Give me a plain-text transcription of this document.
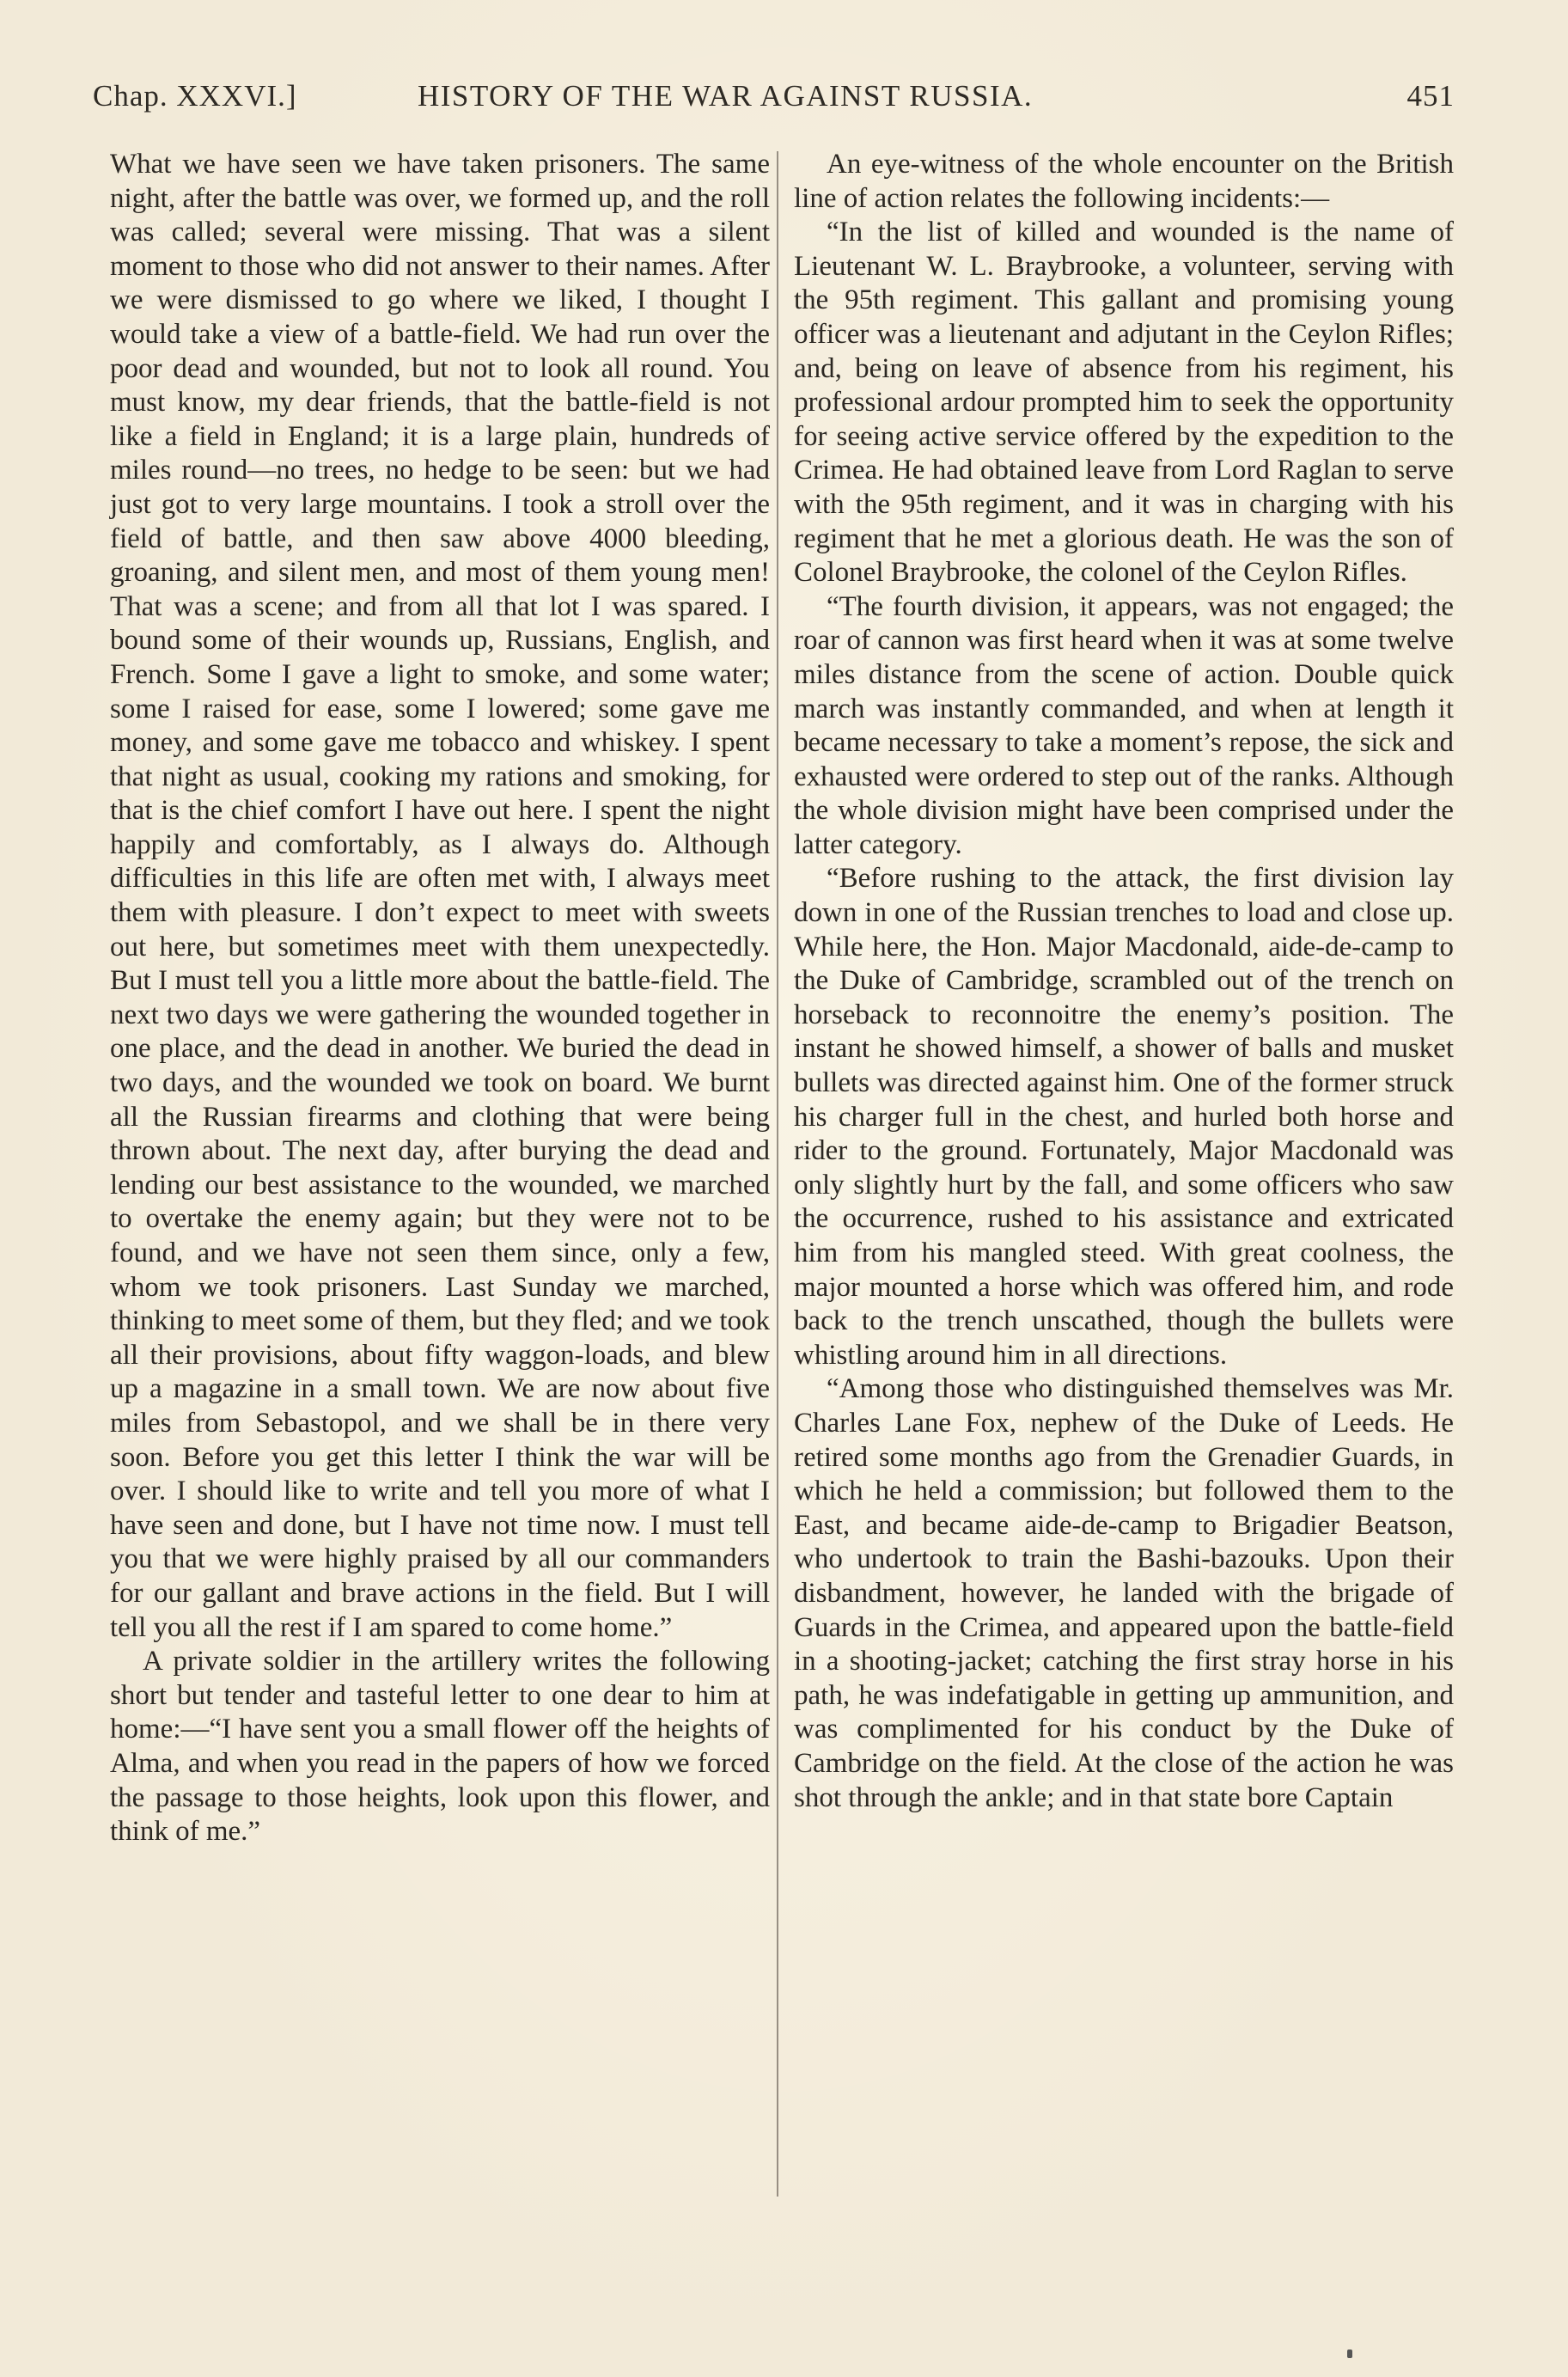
Chap. XXXVI.]	HISTORY OF THE WAR AGAINST RUSSIA.	451

What we have seen we have taken prisoners. The same night, after the battle was over, we formed up, and the roll was called; several were missing. That was a silent moment to those who did not answer to their names. After we were dismissed to go where we liked, I thought I would take a view of a battle-field. We had run over the poor dead and wounded, but not to look all round. You must know, my dear friends, that the battle-field is not like a field in England; it is a large plain, hundreds of miles round—no trees, no hedge to be seen: but we had just got to very large mountains. I took a stroll over the field of battle, and then saw above 4000 bleeding, groaning, and silent men, and most of them young men! That was a scene; and from all that lot I was spared. I bound some of their wounds up, Russians, English, and French. Some I gave a light to smoke, and some water; some I raised for ease, some I lowered; some gave me money, and some gave me tobacco and whiskey. I spent that night as usual, cooking my rations and smoking, for that is the chief comfort I have out here. I spent the night happily and comfortably, as I always do. Although difficulties in this life are often met with, I always meet them with pleasure. I don’t expect to meet with sweets out here, but sometimes meet with them unexpectedly. But I must tell you a little more about the battle-field. The next two days we were gathering the wounded together in one place, and the dead in another. We buried the dead in two days, and the wounded we took on board. We burnt all the Russian firearms and clothing that were being thrown about. The next day, after burying the dead and lending our best assistance to the wounded, we marched to overtake the enemy again; but they were not to be found, and we have not seen them since, only a few, whom we took prisoners. Last Sunday we marched, thinking to meet some of them, but they fled; and we took all their provisions, about fifty waggon-loads, and blew up a magazine in a small town. We are now about five miles from Sebastopol, and we shall be in there very soon. Before you get this letter I think the war will be over. I should like to write and tell you more of what I have seen and done, but I have not time now. I must tell you that we were highly praised by all our commanders for our gallant and brave actions in the field. But I will tell you all the rest if I am spared to come home.”

A private soldier in the artillery writes the following short but tender and tasteful letter to one dear to him at home:—“I have sent you a small flower off the heights of Alma, and when you read in the papers of how we forced the passage to those heights, look upon this flower, and think of me.”

An eye-witness of the whole encounter on the British line of action relates the following incidents:—

“In the list of killed and wounded is the name of Lieutenant W. L. Braybrooke, a volunteer, serving with the 95th regiment. This gallant and promising young officer was a lieutenant and adjutant in the Ceylon Rifles; and, being on leave of absence from his regiment, his professional ardour prompted him to seek the opportunity for seeing active service offered by the expedition to the Crimea. He had obtained leave from Lord Raglan to serve with the 95th regiment, and it was in charging with his regiment that he met a glorious death. He was the son of Colonel Braybrooke, the colonel of the Ceylon Rifles.

“The fourth division, it appears, was not engaged; the roar of cannon was first heard when it was at some twelve miles distance from the scene of action. Double quick march was instantly commanded, and when at length it became necessary to take a moment’s repose, the sick and exhausted were ordered to step out of the ranks. Although the whole division might have been comprised under the latter category.

“Before rushing to the attack, the first division lay down in one of the Russian trenches to load and close up. While here, the Hon. Major Macdonald, aide-de-camp to the Duke of Cambridge, scrambled out of the trench on horseback to reconnoitre the enemy’s position. The instant he showed himself, a shower of balls and musket bullets was directed against him. One of the former struck his charger full in the chest, and hurled both horse and rider to the ground. Fortunately, Major Macdonald was only slightly hurt by the fall, and some officers who saw the occurrence, rushed to his assistance and extricated him from his mangled steed. With great coolness, the major mounted a horse which was offered him, and rode back to the trench unscathed, though the bullets were whistling around him in all directions.

“Among those who distinguished themselves was Mr. Charles Lane Fox, nephew of the Duke of Leeds. He retired some months ago from the Grenadier Guards, in which he held a commission; but followed them to the East, and became aide-de-camp to Brigadier Beatson, who undertook to train the Bashi-bazouks. Upon their disbandment, however, he landed with the brigade of Guards in the Crimea, and appeared upon the battle-field in a shooting-jacket; catching the first stray horse in his path, he was indefatigable in getting up ammunition, and was complimented for his conduct by the Duke of Cambridge on the field. At the close of the action he was shot through the ankle; and in that state bore Captain
